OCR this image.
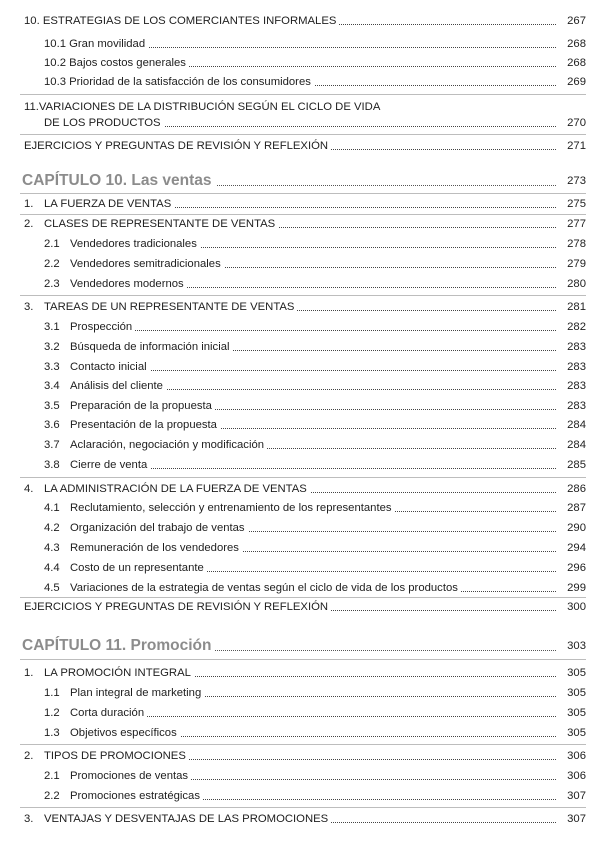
10. ESTRATEGIAS DE LOS COMERCIANTES INFORMALES	267
10.1 Gran movilidad	268
10.2 Bajos costos generales	268
10.3 Prioridad de la satisfacción de los consumidores	269
11.VARIACIONES DE LA DISTRIBUCIÓN SEGÚN EL CICLO DE VIDA
DE LOS PRODUCTOS	270
EJERCICIOS Y PREGUNTAS DE REVISIÓN Y REFLEXIÓN	271
CAPÍTULO 10. Las ventas	273
1. LA FUERZA DE VENTAS	275
2. CLASES DE REPRESENTANTE DE VENTAS	277
2.1 Vendedores tradicionales	278
2.2 Vendedores semitradicionales	279
2.3 Vendedores modernos	280
3. TAREAS DE UN REPRESENTANTE DE VENTAS	281
3.1 Prospección	282
3.2 Búsqueda de información inicial	283
3.3 Contacto inicial	283
3.4 Análisis del cliente	283
3.5 Preparación de la propuesta	283
3.6 Presentación de la propuesta	284
3.7 Aclaración, negociación y modificación	284
3.8 Cierre de venta	285
4. LA ADMINISTRACIÓN DE LA FUERZA DE VENTAS	286
4.1 Reclutamiento, selección y entrenamiento de los representantes	287
4.2 Organización del trabajo de ventas	290
4.3 Remuneración de los vendedores	294
4.4 Costo de un representante	296
4.5 Variaciones de la estrategia de ventas según el ciclo de vida de los productos	299
EJERCICIOS Y PREGUNTAS DE REVISIÓN Y REFLEXIÓN	300
CAPÍTULO 11. Promoción	303
1. LA PROMOCIÓN INTEGRAL	305
1.1 Plan integral de marketing	305
1.2 Corta duración	305
1.3 Objetivos específicos	305
2. TIPOS DE PROMOCIONES	306
2.1 Promociones de ventas	306
2.2 Promociones estratégicas	307
3. VENTAJAS Y DESVENTAJAS DE LAS PROMOCIONES	307
